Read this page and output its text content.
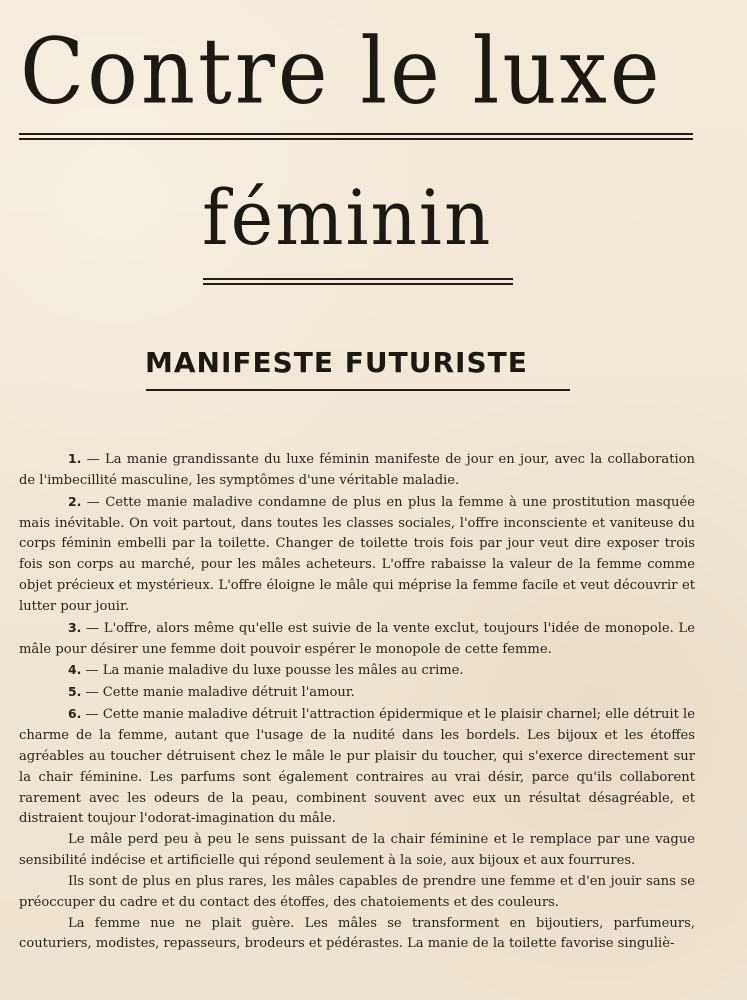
Contre le luxe
féminin
MANIFESTE FUTURISTE

1. — La manie grandissante du luxe féminin manifeste de jour en jour, avec la collaboration de l'imbecillité masculine, les symptômes d'une véritable maladie.

2. — Cette manie maladive condamne de plus en plus la femme à une prostitution masquée mais inévitable. On voit partout, dans toutes les classes sociales, l'offre inconsciente et vaniteuse du corps féminin embelli par la toilette. Changer de toilette trois fois par jour veut dire exposer trois fois son corps au marché, pour les mâles acheteurs. L'offre rabaisse la valeur de la femme comme objet précieux et mystérieux. L'offre éloigne le mâle qui méprise la femme facile et veut découvrir et lutter pour jouir.

3. — L'offre, alors même qu'elle est suivie de la vente exclut, toujours l'idée de monopole. Le mâle pour désirer une femme doit pouvoir espérer le monopole de cette femme.

4. — La manie maladive du luxe pousse les mâles au crime.

5. — Cette manie maladive détruit l'amour.

6. — Cette manie maladive détruit l'attraction épidermique et le plaisir charnel; elle détruit le charme de la femme, autant que l'usage de la nudité dans les bordels. Les bijoux et les étoffes agréables au toucher détruisent chez le mâle le pur plaisir du toucher, qui s'exerce directement sur la chair féminine. Les parfums sont également contraires au vrai désir, parce qu'ils collaborent rarement avec les odeurs de la peau, combinent souvent avec eux un résultat désagréable, et distraient toujour l'odorat-imagination du mâle.

Le mâle perd peu à peu le sens puissant de la chair féminine et le remplace par une vague sensibilité indécise et artificielle qui répond seulement à la soie, aux bijoux et aux fourrures.

Ils sont de plus en plus rares, les mâles capables de prendre une femme et d'en jouir sans se préoccuper du cadre et du contact des étoffes, des chatoiements et des couleurs.

La femme nue ne plait guère. Les mâles se transforment en bijoutiers, parfumeurs, couturiers, modistes, repasseurs, brodeurs et pédérastes. La manie de la toilette favorise singuliè-
